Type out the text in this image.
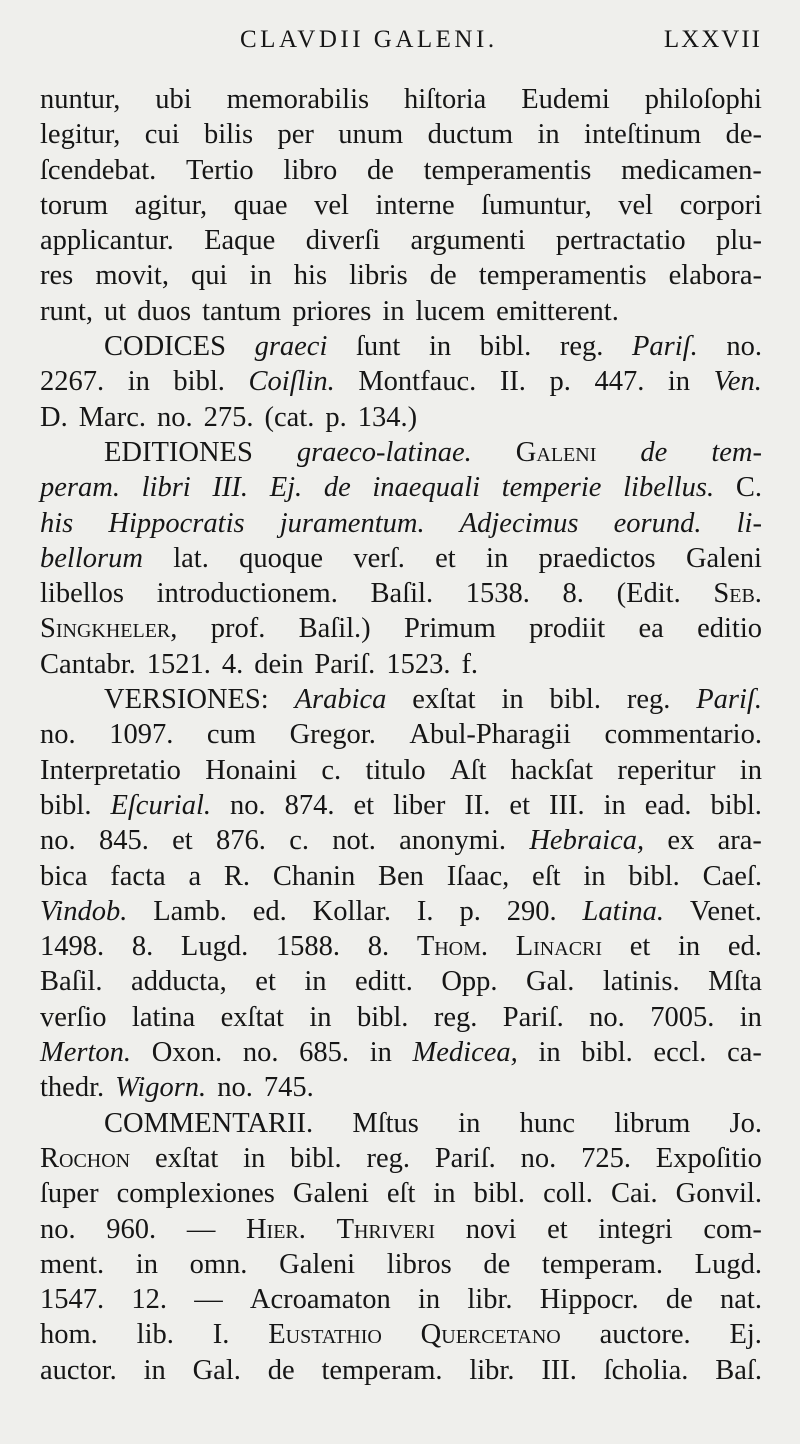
CLAVDII GALENI.	LXXVII
nuntur, ubi memorabilis hiſtoria Eudemi philoſophi
legitur, cui bilis per unum ductum in inteſtinum de-
ſcendebat. Tertio libro de temperamentis medicamen-
torum agitur, quae vel interne ſumuntur, vel corpori
applicantur. Eaque diverſi argumenti pertractatio plu-
res movit, qui in his libris de temperamentis elabora-
runt, ut duos tantum priores in lucem emitterent.
CODICES graeci ſunt in bibl. reg. Pariſ. no.
2267. in bibl. Coiſlin. Montfauc. II. p. 447. in Ven.
D. Marc. no. 275. (cat. p. 134.)
EDITIONES graeco-latinae. Galeni de tem-
peram. libri III. Ej. de inaequali temperie libellus. C.
his Hippocratis juramentum. Adjecimus eorund. li-
bellorum lat. quoque verſ. et in praedictos Galeni
libellos introductionem. Baſil. 1538. 8. (Edit. Seb.
Singkheler, prof. Baſil.) Primum prodiit ea editio
Cantabr. 1521. 4. dein Pariſ. 1523. f.
VERSIONES: Arabica exſtat in bibl. reg. Pariſ.
no. 1097. cum Gregor. Abul-Pharagii commentario.
Interpretatio Honaini c. titulo Aſt hackſat reperitur in
bibl. Eſcurial. no. 874. et liber II. et III. in ead. bibl.
no. 845. et 876. c. not. anonymi. Hebraica, ex ara-
bica facta a R. Chanin Ben Iſaac, eſt in bibl. Caeſ.
Vindob. Lamb. ed. Kollar. I. p. 290. Latina. Venet.
1498. 8. Lugd. 1588. 8. Thom. Linacri et in ed.
Baſil. adducta, et in editt. Opp. Gal. latinis. Mſta
verſio latina exſtat in bibl. reg. Pariſ. no. 7005. in
Merton. Oxon. no. 685. in Medicea, in bibl. eccl. ca-
thedr. Wigorn. no. 745.
COMMENTARII. Mſtus in hunc librum Jo.
Rochon exſtat in bibl. reg. Pariſ. no. 725. Expoſitio
ſuper complexiones Galeni eſt in bibl. coll. Cai. Gonvil.
no. 960. — Hier. Thriveri novi et integri com-
ment. in omn. Galeni libros de temperam. Lugd.
1547. 12. — Acroamaton in libr. Hippocr. de nat.
hom. lib. I. Eustathio Quercetano auctore. Ej.
auctor. in Gal. de temperam. libr. III. ſcholia. Baſ.
